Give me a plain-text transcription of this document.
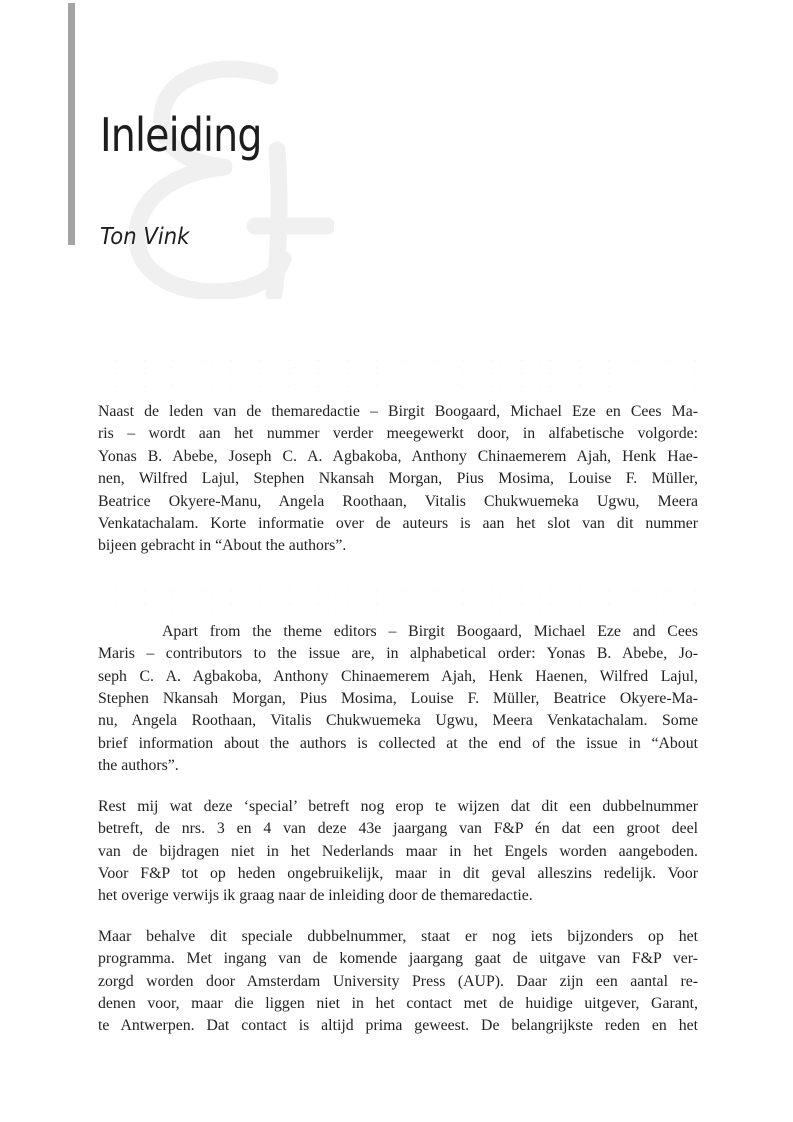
Inleiding
Ton Vink
Naast de leden van de themaredactie – Birgit Boogaard, Michael Eze en Cees Ma-
ris – wordt aan het nummer verder meegewerkt door, in alfabetische volgorde:
Yonas B. Abebe, Joseph C. A. Agbakoba, Anthony Chinaemerem Ajah, Henk Hae-
nen, Wilfred Lajul, Stephen Nkansah Morgan, Pius Mosima, Louise F. Müller,
Beatrice Okyere-Manu, Angela Roothaan, Vitalis Chukwuemeka Ugwu, Meera
Venkatachalam. Korte informatie over de auteurs is aan het slot van dit nummer
bijeen gebracht in “About the authors”.
Apart from the theme editors – Birgit Boogaard, Michael Eze and Cees
Maris – contributors to the issue are, in alphabetical order: Yonas B. Abebe, Jo-
seph C. A. Agbakoba, Anthony Chinaemerem Ajah, Henk Haenen, Wilfred Lajul,
Stephen Nkansah Morgan, Pius Mosima, Louise F. Müller, Beatrice Okyere-Ma-
nu, Angela Roothaan, Vitalis Chukwuemeka Ugwu, Meera Venkatachalam. Some
brief information about the authors is collected at the end of the issue in “About
the authors”.
Rest mij wat deze ‘special’ betreft nog erop te wijzen dat dit een dubbelnummer
betreft, de nrs. 3 en 4 van deze 43e jaargang van F&P én dat een groot deel
van de bijdragen niet in het Nederlands maar in het Engels worden aangeboden.
Voor F&P tot op heden ongebruikelijk, maar in dit geval alleszins redelijk. Voor
het overige verwijs ik graag naar de inleiding door de themaredactie.
Maar behalve dit speciale dubbelnummer, staat er nog iets bijzonders op het
programma. Met ingang van de komende jaargang gaat de uitgave van F&P ver-
zorgd worden door Amsterdam University Press (AUP). Daar zijn een aantal re-
denen voor, maar die liggen niet in het contact met de huidige uitgever, Garant,
te Antwerpen. Dat contact is altijd prima geweest. De belangrijkste reden en het
